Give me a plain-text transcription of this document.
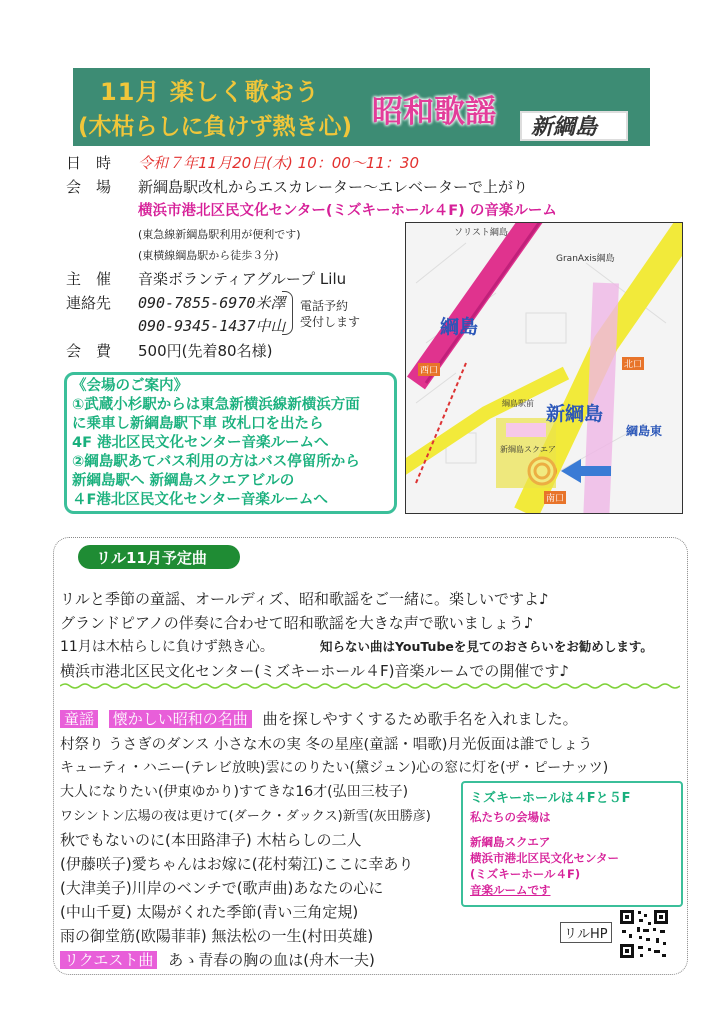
11月 楽しく歌おう
(木枯らしに負けず熱き心) 昭和歌謡 新綱島
日　時 令和７年11月20日(木) 10：00～11：30
会　場 新綱島駅改札からエスカレーター～エレベーターで上がり
横浜市港北区民文化センター(ミズキーホール４F) の音楽ルーム
(東急線新綱島駅利用が便利です)
(東横線綱島駅から徒歩３分)
主　催 音楽ボランティアグループ Lilu
連絡先 090-7855-6970米澤
090-9345-1437中山
電話予約
受付します
会　費 500円(先着80名様)
《会場のご案内》
①武蔵小杉駅からは東急新横浜線新横浜方面
に乗車し新綱島駅下車 改札口を出たら
4F 港北区民文化センター音楽ルームへ
②綱島駅あてバス利用の方はバス停留所から
新綱島駅へ 新綱島スクエアビルの
４F港北区民文化センター音楽ルームへ
ソリスト綱島
GranAxis綱島
綱島
新綱島
綱島東
新綱島スクエア
綱島駅前
北口
西口
南口
リル11月予定曲
リルと季節の童謡、オールディズ、昭和歌謡をご一緒に。楽しいですよ♪
グランドピアノの伴奏に合わせて昭和歌謡を大きな声で歌いましょう♪
11月は木枯らしに負けず熱き心。	知らない曲はYouTubeを見てのおさらいをお勧めします。
横浜市港北区民文化センター(ミズキーホール４F)音楽ルームでの開催です♪
童謡 懐かしい昭和の名曲 曲を探しやすくするため歌手名を入れました。
村祭り うさぎのダンス 小さな木の実 冬の星座(童謡・唱歌)月光仮面は誰でしょう
キューティ・ハニー(テレビ放映)雲にのりたい(黛ジュン)心の窓に灯を(ザ・ピーナッツ)
大人になりたい(伊東ゆかり)すてきな16才(弘田三枝子)
ワシントン広場の夜は更けて(ダーク・ダックス)新雪(灰田勝彦)
秋でもないのに(本田路津子) 木枯らしの二人
(伊藤咲子)愛ちゃんはお嫁に(花村菊江)ここに幸あり
(大津美子)川岸のベンチで(歌声曲)あなたの心に
(中山千夏) 太陽がくれた季節(青い三角定規)
雨の御堂筋(欧陽菲菲) 無法松の一生(村田英雄)
リクエスト曲 あゝ青春の胸の血は(舟木一夫)
ミズキーホールは４Fと５F
私たちの会場は
新綱島スクエア
横浜市港北区民文化センター
(ミズキーホール４F)
音楽ルームです
リルHP
